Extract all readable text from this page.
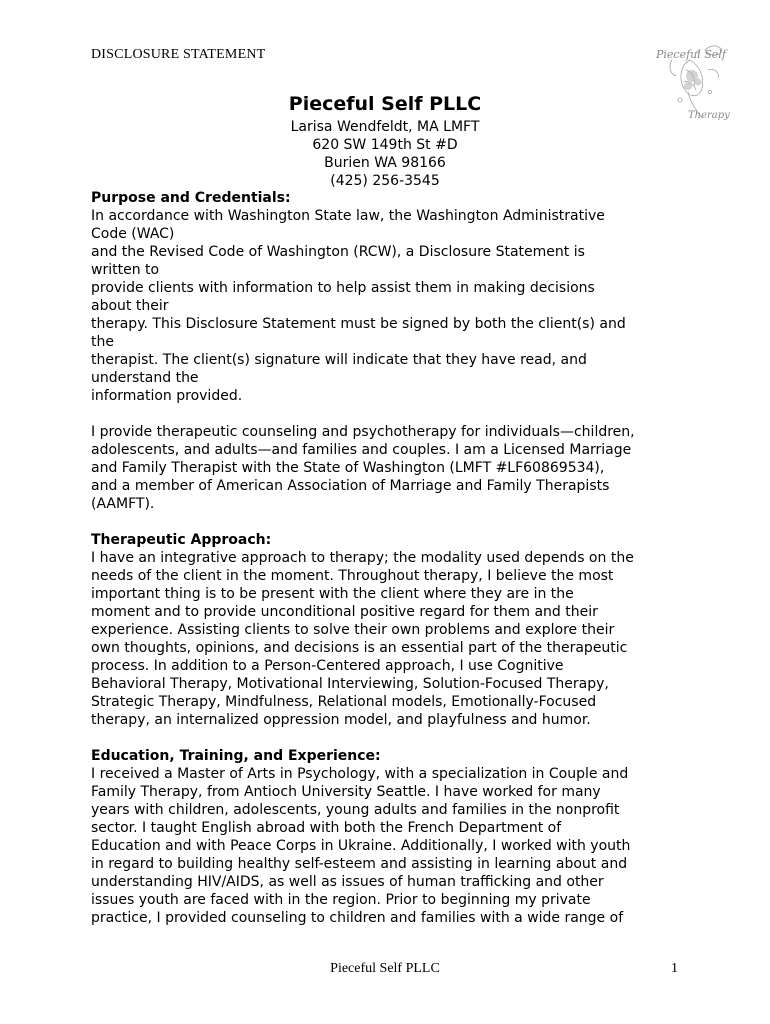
DISCLOSURE STATEMENT	Pieceful Self
Therapy
Pieceful Self PLLC
Larisa Wendfeldt, MA LMFT
620 SW 149th St #D
Burien WA 98166
(425) 256-3545

Purpose and Credentials:

In accordance with Washington State law, the Washington Administrative

Code (WAC)

and the Revised Code of Washington (RCW), a Disclosure Statement is

written to

provide clients with information to help assist them in making decisions

about their

therapy. This Disclosure Statement must be signed by both the client(s) and

the

therapist. The client(s) signature will indicate that they have read, and

understand the

information provided.

I provide therapeutic counseling and psychotherapy for individuals—children,

adolescents, and adults—and families and couples. I am a Licensed Marriage

and Family Therapist with the State of Washington (LMFT #LF60869534),

and a member of American Association of Marriage and Family Therapists

(AAMFT).

Therapeutic Approach:

I have an integrative approach to therapy; the modality used depends on the

needs of the client in the moment. Throughout therapy, I believe the most

important thing is to be present with the client where they are in the

moment and to provide unconditional positive regard for them and their

experience. Assisting clients to solve their own problems and explore their

own thoughts, opinions, and decisions is an essential part of the therapeutic

process. In addition to a Person-Centered approach, I use Cognitive

Behavioral Therapy, Motivational Interviewing, Solution-Focused Therapy,

Strategic Therapy, Mindfulness, Relational models, Emotionally-Focused

therapy, an internalized oppression model, and playfulness and humor.

Education, Training, and Experience:

I received a Master of Arts in Psychology, with a specialization in Couple and

Family Therapy, from Antioch University Seattle. I have worked for many

years with children, adolescents, young adults and families in the nonprofit

sector. I taught English abroad with both the French Department of

Education and with Peace Corps in Ukraine. Additionally, I worked with youth

in regard to building healthy self-esteem and assisting in learning about and

understanding HIV/AIDS, as well as issues of human trafficking and other

issues youth are faced with in the region. Prior to beginning my private

practice, I provided counseling to children and families with a wide range of

Pieceful Self PLLC	1
